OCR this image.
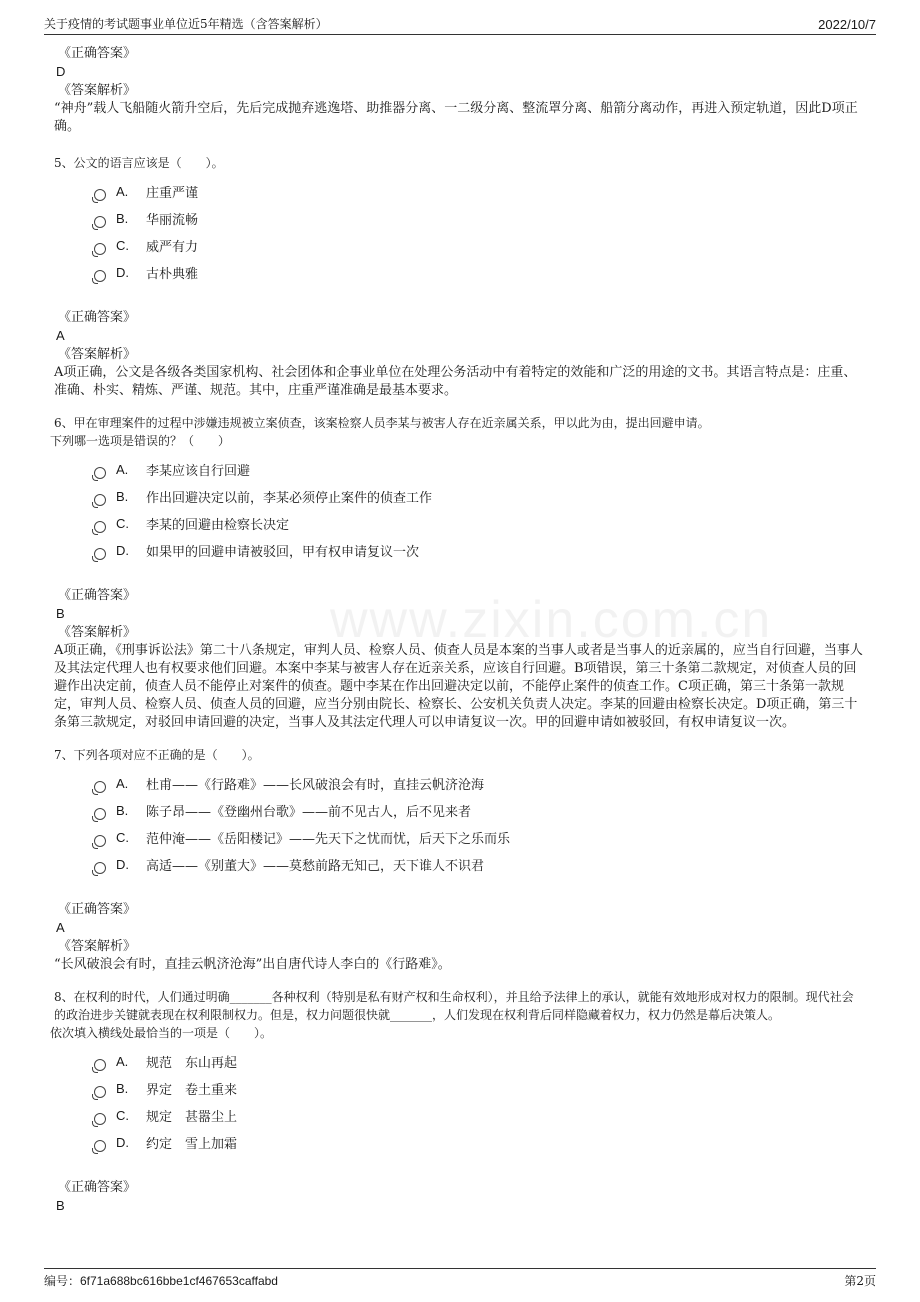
关于疫情的考试题事业单位近5年精选（含答案解析）	2022/10/7
www.zixin.com.cn
《正确答案》
D
《答案解析》

“神舟”载人飞船随火箭升空后，先后完成抛弃逃逸塔、助推器分离、一二级分离、整流罩分离、船箭分离动作，再进入预定轨道，因此D项正确。

5、公文的语言应该是（　　）。

A.	庄重严谨
B.	华丽流畅
C.	威严有力
D.	古朴典雅
《正确答案》
A
《答案解析》

A项正确，公文是各级各类国家机构、社会团体和企事业单位在处理公务活动中有着特定的效能和广泛的用途的文书。其语言特点是：庄重、准确、朴实、精炼、严谨、规范。其中，庄重严谨准确是最基本要求。

6、甲在审理案件的过程中涉嫌违规被立案侦查，该案检察人员李某与被害人存在近亲属关系，甲以此为由，提出回避申请。

下列哪一选项是错误的？（　　）

A.	李某应该自行回避
B.	作出回避决定以前，李某必须停止案件的侦查工作
C.	李某的回避由检察长决定
D.	如果甲的回避申请被驳回，甲有权申请复议一次
《正确答案》
B
《答案解析》

A项正确，《刑事诉讼法》第二十八条规定，审判人员、检察人员、侦查人员是本案的当事人或者是当事人的近亲属的，应当自行回避，当事人及其法定代理人也有权要求他们回避。本案中李某与被害人存在近亲关系，应该自行回避。B项错误，第三十条第二款规定，对侦查人员的回避作出决定前，侦查人员不能停止对案件的侦查。题中李某在作出回避决定以前，不能停止案件的侦查工作。C项正确，第三十条第一款规定，审判人员、检察人员、侦查人员的回避，应当分别由院长、检察长、公安机关负责人决定。李某的回避由检察长决定。D项正确，第三十条第三款规定，对驳回申请回避的决定，当事人及其法定代理人可以申请复议一次。甲的回避申请如被驳回，有权申请复议一次。

7、下列各项对应不正确的是（　　）。

A.	杜甫——《行路难》——长风破浪会有时，直挂云帆济沧海
B.	陈子昂——《登幽州台歌》——前不见古人，后不见来者
C.	范仲淹——《岳阳楼记》——先天下之忧而忧，后天下之乐而乐
D.	高适——《别董大》——莫愁前路无知己，天下谁人不识君
《正确答案》
A
《答案解析》

“长风破浪会有时，直挂云帆济沧海”出自唐代诗人李白的《行路难》。

8、在权利的时代，人们通过明确_______各种权利（特别是私有财产权和生命权利），并且给予法律上的承认，就能有效地形成对权力的限制。现代社会的政治进步关键就表现在权利限制权力。但是，权力问题很快就_______，人们发现在权利背后同样隐藏着权力，权力仍然是幕后决策人。

依次填入横线处最恰当的一项是（　　）。

A.	规范　东山再起
B.	界定　卷土重来
C.	规定　甚嚣尘上
D.	约定　雪上加霜
《正确答案》
B
编号：6f71a688bc616bbe1cf467653caffabd	第2页
